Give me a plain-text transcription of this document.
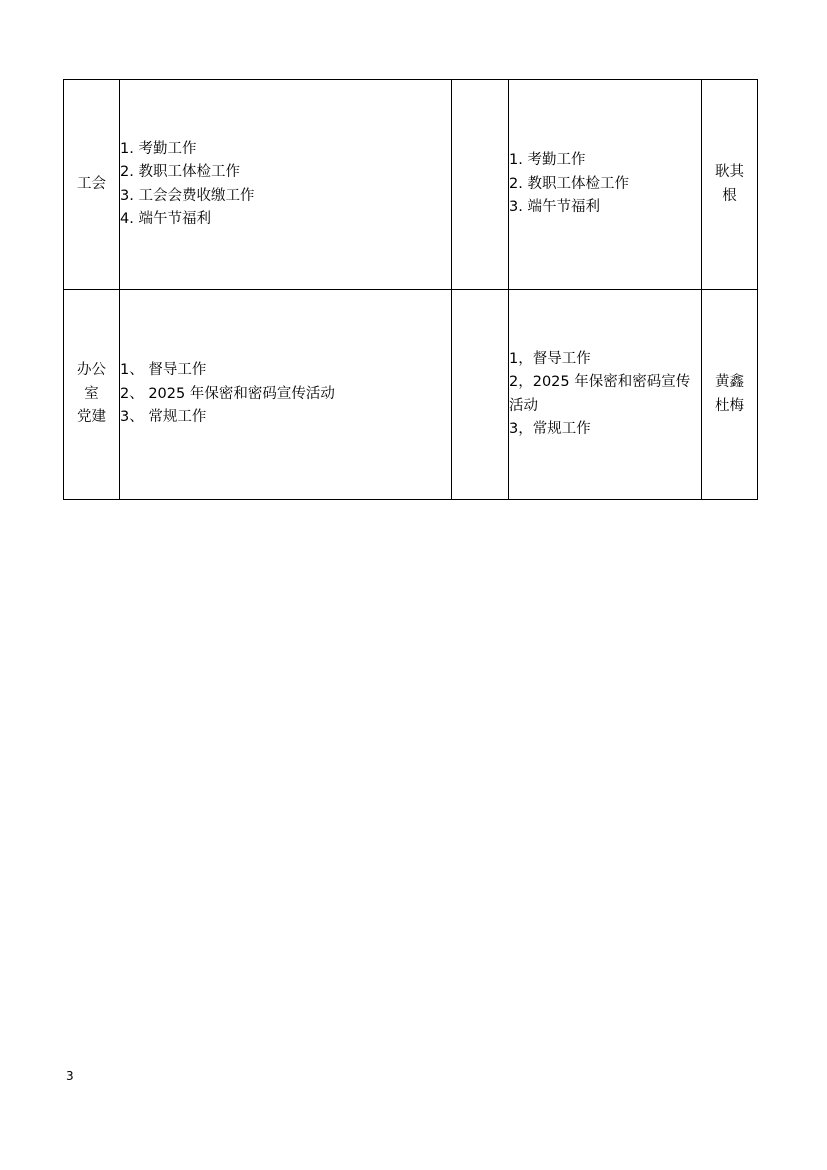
工会	1. 考勤工作
2. 教职工体检工作
3. 工会会费收缴工作
4. 端午节福利		1. 考勤工作
2. 教职工体检工作
3. 端午节福利	耿其
根

办公
室
党建	1、 督导工作
2、 2025 年保密和密码宣传活动
3、 常规工作		1，督导工作
2，2025 年保密和密码宣传活动
3，常规工作	黄鑫
杜梅
3
